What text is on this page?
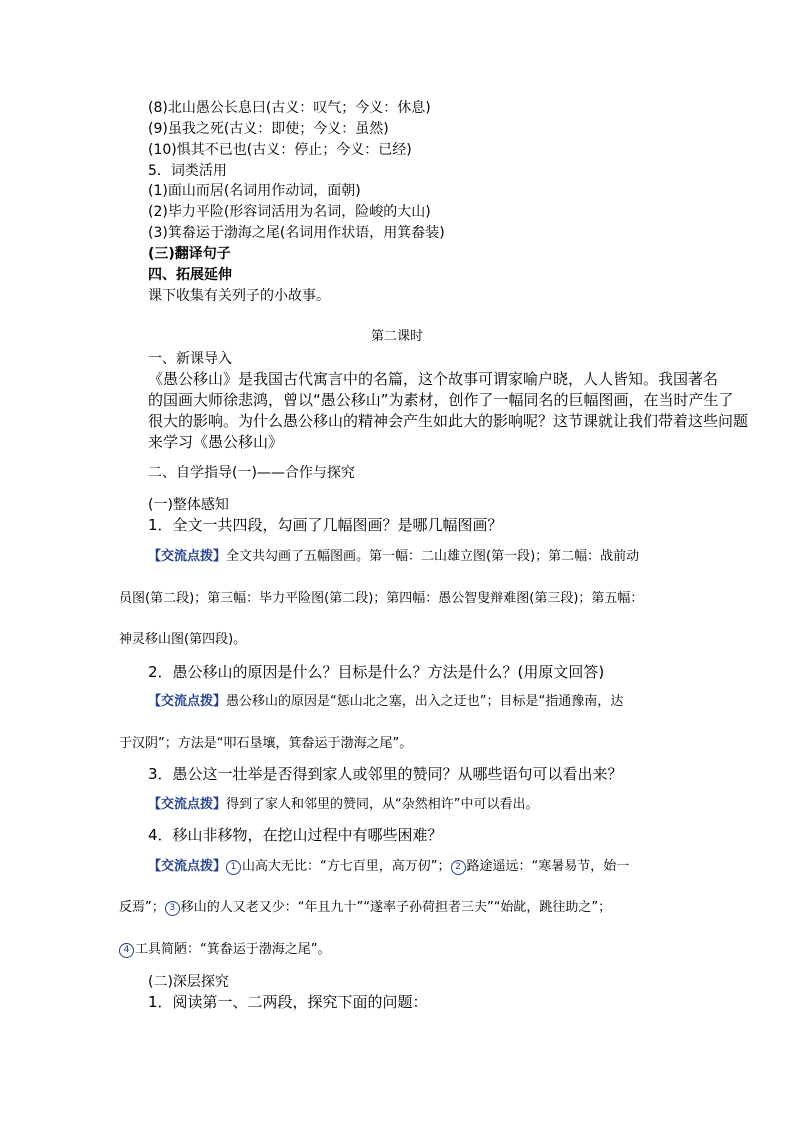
(8)北山愚公长息曰(古义：叹气；今义：休息)
(9)虽我之死(古义：即使；今义：虽然)
(10)惧其不已也(古义：停止；今义：已经)
5．词类活用
(1)面山而居(名词用作动词，面朝)
(2)毕力平险(形容词活用为名词，险峻的大山)
(3)箕畚运于渤海之尾(名词用作状语，用箕畚装)
(三)翻译句子
四、拓展延伸
课下收集有关列子的小故事。
第二课时
一、新课导入
《愚公移山》是我国古代寓言中的名篇，这个故事可谓家喻户晓，人人皆知。我国著名
的国画大师徐悲鸿，曾以“愚公移山”为素材，创作了一幅同名的巨幅图画，在当时产生了
很大的影响。为什么愚公移山的精神会产生如此大的影响呢？这节课就让我们带着这些问题
来学习《愚公移山》
二、自学指导(一)——合作与探究
(一)整体感知
1．全文一共四段，勾画了几幅图画？是哪几幅图画？
【交流点拨】全文共勾画了五幅图画。第一幅：二山雄立图(第一段)；第二幅：战前动
员图(第二段)；第三幅：毕力平险图(第二段)；第四幅：愚公智叟辩难图(第三段)；第五幅：
神灵移山图(第四段)。
2．愚公移山的原因是什么？目标是什么？方法是什么？(用原文回答)
【交流点拨】愚公移山的原因是“惩山北之塞，出入之迂也”；目标是“指通豫南，达
于汉阴”；方法是“叩石垦壤，箕畚运于渤海之尾”。
3．愚公这一壮举是否得到家人或邻里的赞同？从哪些语句可以看出来？
【交流点拨】得到了家人和邻里的赞同，从“杂然相许”中可以看出。
4．移山非移物，在挖山过程中有哪些困难？
【交流点拨】 1 山高大无比：“方七百里，高万仞”； 2 路途遥远：“寒暑易节，始一
反焉”； 3 移山的人又老又少：“年且九十”“遂率子孙荷担者三夫”“始龀，跳往助之”；
4 工具简陋：“箕畚运于渤海之尾”。
(二)深层探究
1．阅读第一、二两段，探究下面的问题：
